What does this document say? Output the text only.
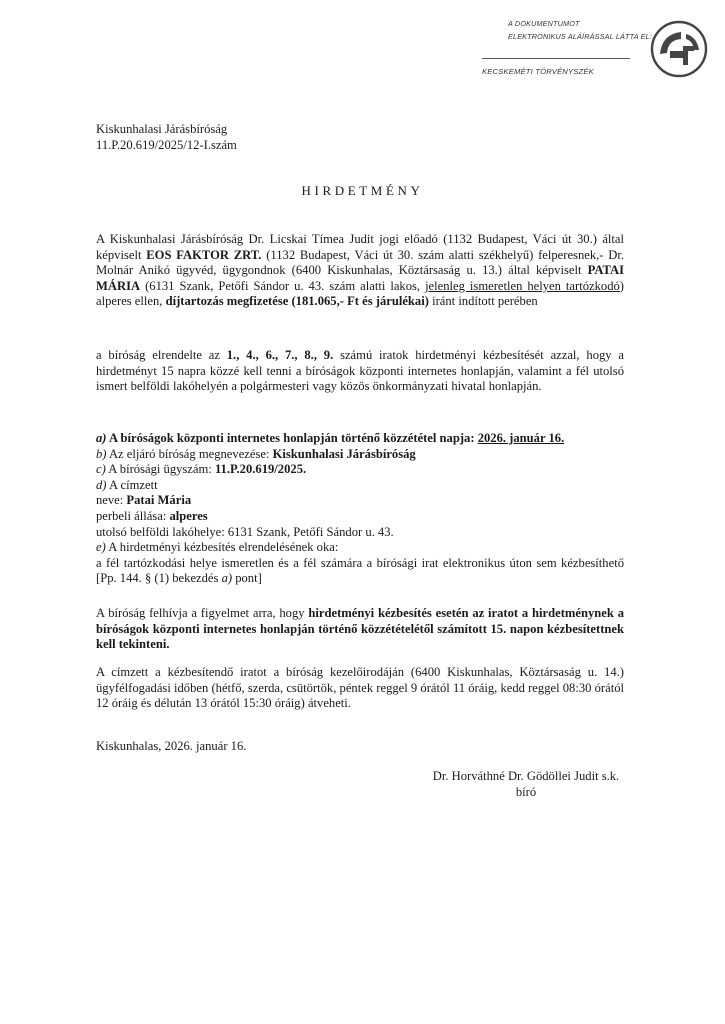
A DOKUMENTUMOT
ELEKTRONIKUS ALÁÍRÁSSAL LÁTTA EL:
KECSKEMÉTI TÖRVÉNYSZÉK
Kiskunhalasi Járásbíróság
11.P.20.619/2025/12-I.szám
HIRDETMÉNY

A Kiskunhalasi Járásbíróság Dr. Licskai Tímea Judit jogi előadó (1132 Budapest, Váci út 30.) által képviselt EOS FAKTOR ZRT. (1132 Budapest, Váci út 30. szám alatti székhelyű) felperesnek,- Dr. Molnár Anikó ügyvéd, ügygondnok (6400 Kiskunhalas, Köztársaság u. 13.) által képviselt PATAI MÁRIA (6131 Szank, Petőfi Sándor u. 43. szám alatti lakos, jelenleg ismeretlen helyen tartózkodó) alperes ellen, díjtartozás megfizetése (181.065,- Ft és járulékai) iránt indított perében

a bíróság elrendelte az 1., 4., 6., 7., 8., 9. számú iratok hirdetményi kézbesítését azzal, hogy a hirdetményt 15 napra közzé kell tenni a bíróságok központi internetes honlapján, valamint a fél utolsó ismert belföldi lakóhelyén a polgármesteri vagy közös önkormányzati hivatal honlapján.

a) A bíróságok központi internetes honlapján történő közzététel napja: 2026. január 16.
b) Az eljáró bíróság megnevezése: Kiskunhalasi Járásbíróság
c) A bírósági ügyszám: 11.P.20.619/2025.
d) A címzett
neve: Patai Mária
perbeli állása: alperes
utolsó belföldi lakóhelye: 6131 Szank, Petőfi Sándor u. 43.
e) A hirdetményi kézbesítés elrendelésének oka:
a fél tartózkodási helye ismeretlen és a fél számára a bírósági irat elektronikus úton sem kézbesíthető [Pp. 144. § (1) bekezdés a) pont]

A bíróság felhívja a figyelmet arra, hogy hirdetményi kézbesítés esetén az iratot a hirdetménynek a bíróságok központi internetes honlapján történő közzétételétől számított 15. napon kézbesítettnek kell tekinteni.

A címzett a kézbesítendő iratot a bíróság kezelőirodáján (6400 Kiskunhalas, Köztársaság u. 14.) ügyfélfogadási időben (hétfő, szerda, csütörtök, péntek reggel 9 órától 11 óráig, kedd reggel 08:30 órától 12 óráig és délután 13 órától 15:30 óráig) átveheti.

Kiskunhalas, 2026. január 16.
Dr. Horváthné Dr. Gödöllei Judit s.k.
bíró
